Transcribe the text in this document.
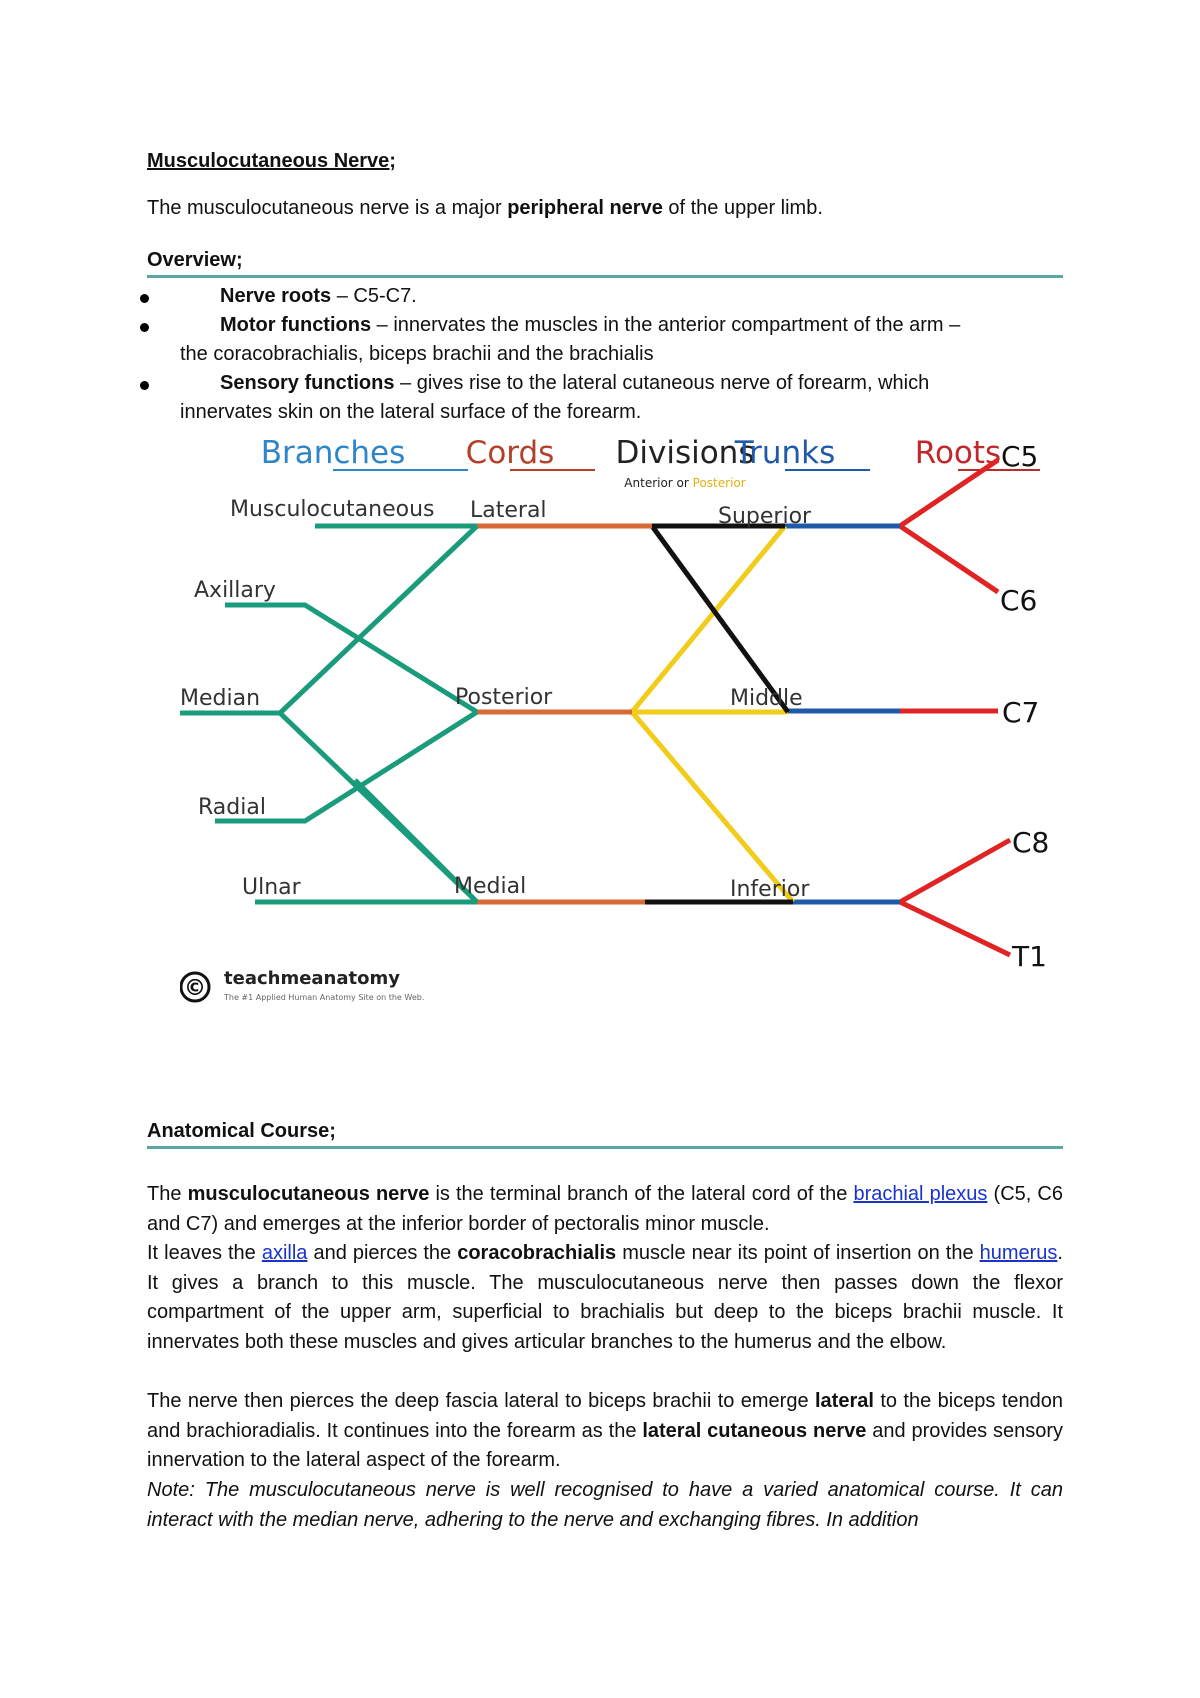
Musculocutaneous Nerve;
The musculocutaneous nerve is a major peripheral nerve of the upper limb.
Overview;
Nerve roots – C5-C7.
Motor functions – innervates the muscles in the anterior compartment of the arm –
the coracobrachialis, biceps brachii and the brachialis
Sensory functions – gives rise to the lateral cutaneous nerve of forearm, which
innervates skin on the lateral surface of the forearm.
Branches Cords Divisions
Anterior or Posterior
Trunks	Roots
Musculocutaneous
Axillary
Median
Radial
Ulnar
Lateral
Posterior
Medial
Superior
Middle
Inferior
C5
C6
C7
C8
T1
© teachmeanatomy
The #1 Applied Human Anatomy Site on the Web.
Anatomical Course;
The musculocutaneous nerve is the terminal branch of the lateral cord of the brachial plexus (C5, C6 and C7) and emerges at the inferior border of pectoralis minor muscle.
It leaves the axilla and pierces the coracobrachialis muscle near its point of insertion on the humerus. It gives a branch to this muscle. The musculocutaneous nerve then passes down the flexor compartment of the upper arm, superficial to brachialis but deep to the biceps brachii muscle. It innervates both these muscles and gives articular branches to the humerus and the elbow.
The nerve then pierces the deep fascia lateral to biceps brachii to emerge lateral to the biceps tendon and brachioradialis. It continues into the forearm as the lateral cutaneous nerve and provides sensory innervation to the lateral aspect of the forearm.
Note: The musculocutaneous nerve is well recognised to have a varied anatomical course. It can interact with the median nerve, adhering to the nerve and exchanging fibres. In addition
